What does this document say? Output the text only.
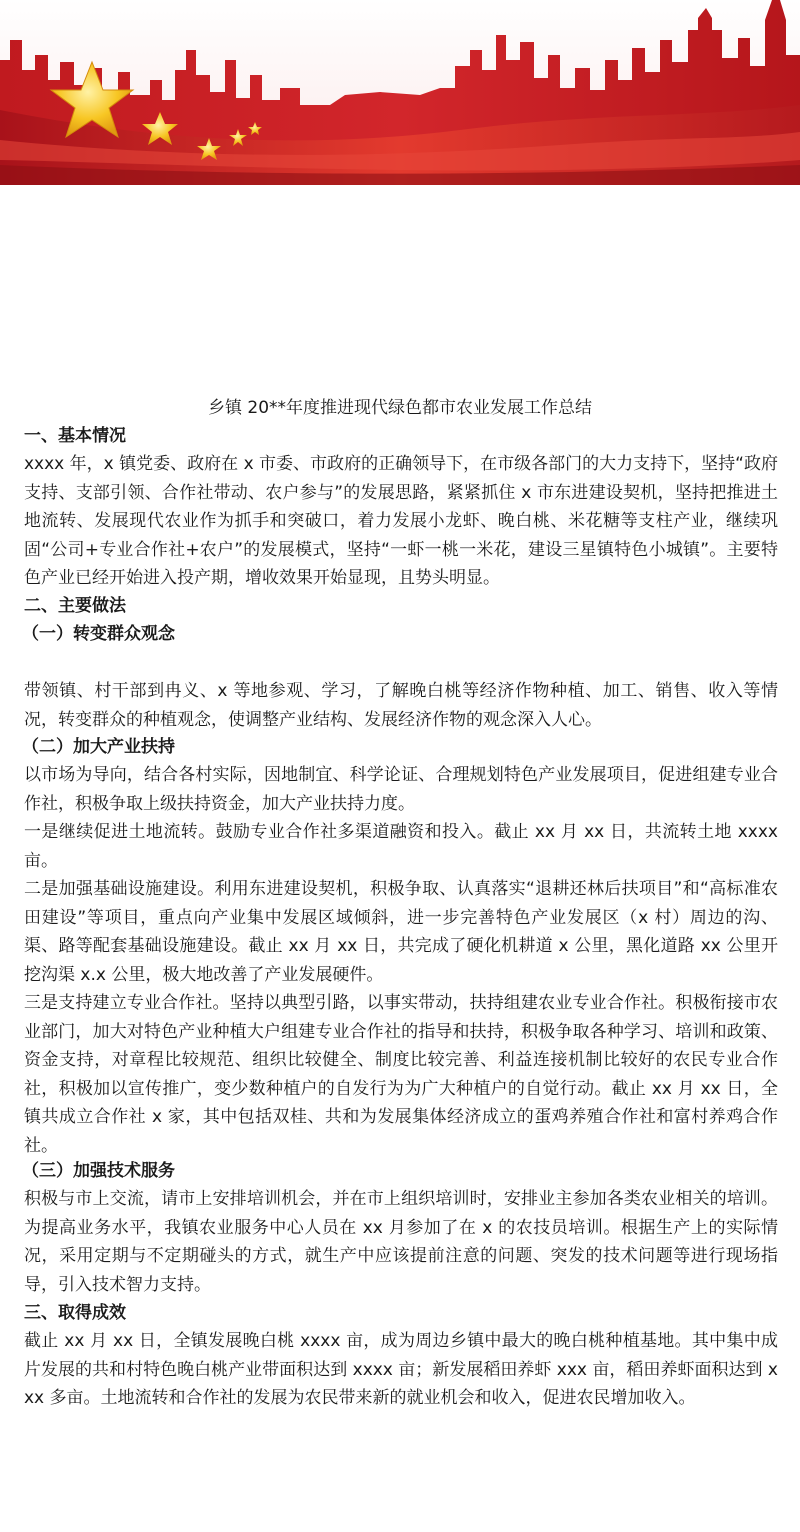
乡镇 20**年度推进现代绿色都市农业发展工作总结
一、基本情况
xxxx 年，x 镇党委、政府在 x 市委、市政府的正确领导下，在市级各部门的大力支持下，坚持“政府支持、支部引领、合作社带动、农户参与”的发展思路，紧紧抓住 x 市东进建设契机，坚持把推进土地流转、发展现代农业作为抓手和突破口，着力发展小龙虾、晚白桃、米花糖等支柱产业，继续巩固“公司+专业合作社+农户”的发展模式，坚持“一虾一桃一米花，建设三星镇特色小城镇”。主要特色产业已经开始进入投产期，增收效果开始显现，且势头明显。
二、主要做法
（一）转变群众观念
带领镇、村干部到冉义、x 等地参观、学习，了解晚白桃等经济作物种植、加工、销售、收入等情况，转变群众的种植观念，使调整产业结构、发展经济作物的观念深入人心。
（二）加大产业扶持
以市场为导向，结合各村实际，因地制宜、科学论证、合理规划特色产业发展项目，促进组建专业合作社，积极争取上级扶持资金，加大产业扶持力度。
一是继续促进土地流转。鼓励专业合作社多渠道融资和投入。截止 xx 月 xx 日，共流转土地 xxxx 亩。
二是加强基础设施建设。利用东进建设契机，积极争取、认真落实“退耕还林后扶项目”和“高标准农田建设”等项目，重点向产业集中发展区域倾斜，进一步完善特色产业发展区（x 村）周边的沟、渠、路等配套基础设施建设。截止 xx 月 xx 日，共完成了硬化机耕道 x 公里，黑化道路 xx 公里开挖沟渠 x.x 公里，极大地改善了产业发展硬件。
三是支持建立专业合作社。坚持以典型引路，以事实带动，扶持组建农业专业合作社。积极衔接市农业部门，加大对特色产业种植大户组建专业合作社的指导和扶持，积极争取各种学习、培训和政策、资金支持，对章程比较规范、组织比较健全、制度比较完善、利益连接机制比较好的农民专业合作社，积极加以宣传推广，变少数种植户的自发行为为广大种植户的自觉行动。截止 xx 月 xx 日，全镇共成立合作社 x 家，其中包括双桂、共和为发展集体经济成立的蛋鸡养殖合作社和富村养鸡合作社。
（三）加强技术服务
积极与市上交流，请市上安排培训机会，并在市上组织培训时，安排业主参加各类农业相关的培训。为提高业务水平，我镇农业服务中心人员在 xx 月参加了在 x 的农技员培训。根据生产上的实际情况，采用定期与不定期碰头的方式，就生产中应该提前注意的问题、突发的技术问题等进行现场指导，引入技术智力支持。
三、取得成效
截止 xx 月 xx 日，全镇发展晚白桃 xxxx 亩，成为周边乡镇中最大的晚白桃种植基地。其中集中成片发展的共和村特色晚白桃产业带面积达到 xxxx 亩；新发展稻田养虾 xxx 亩，稻田养虾面积达到 xxx 多亩。土地流转和合作社的发展为农民带来新的就业机会和收入，促进农民增加收入。
